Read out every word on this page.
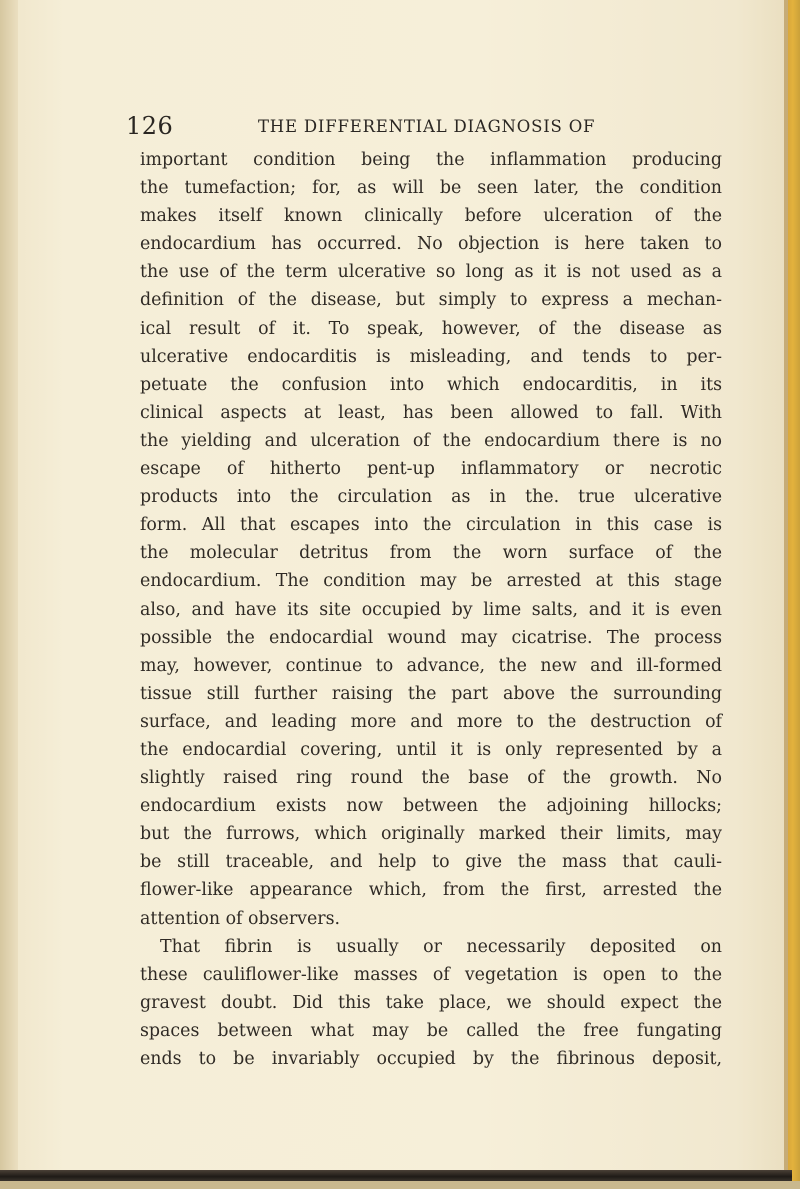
126	THE DIFFERENTIAL DIAGNOSIS OF
important condition being the inflammation producing
the tumefaction; for, as will be seen later, the condition
makes itself known clinically before ulceration of the
endocardium has occurred. No objection is here taken to
the use of the term ulcerative so long as it is not used as a
definition of the disease, but simply to express a mechan-
ical result of it. To speak, however, of the disease as
ulcerative endocarditis is misleading, and tends to per-
petuate the confusion into which endocarditis, in its
clinical aspects at least, has been allowed to fall. With
the yielding and ulceration of the endocardium there is no
escape of hitherto pent-up inflammatory or necrotic
products into the circulation as in the. true ulcerative
form. All that escapes into the circulation in this case is
the molecular detritus from the worn surface of the
endocardium. The condition may be arrested at this stage
also, and have its site occupied by lime salts, and it is even
possible the endocardial wound may cicatrise. The process
may, however, continue to advance, the new and ill-formed
tissue still further raising the part above the surrounding
surface, and leading more and more to the destruction of
the endocardial covering, until it is only represented by a
slightly raised ring round the base of the growth. No
endocardium exists now between the adjoining hillocks;
but the furrows, which originally marked their limits, may
be still traceable, and help to give the mass that cauli-
flower-like appearance which, from the first, arrested the
attention of observers.
That fibrin is usually or necessarily deposited on
these cauliflower-like masses of vegetation is open to the
gravest doubt. Did this take place, we should expect the
spaces between what may be called the free fungating
ends to be invariably occupied by the fibrinous deposit,
